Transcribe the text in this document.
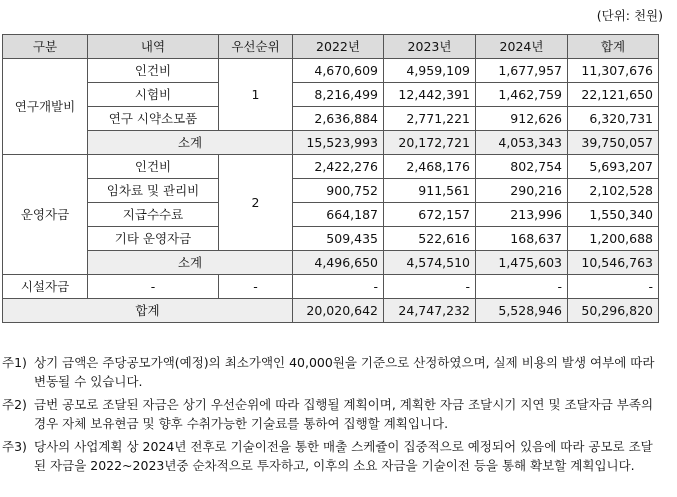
(단위: 천원)
구분	내역	우선순위	2022년	2023년	2024년	합계
연구개발비	인건비	1	4,670,609	4,959,109	1,677,957	11,307,676
	시험비		8,216,499	12,442,391	1,462,759	22,121,650
	연구 시약소모품		2,636,884	2,771,221	912,626	6,320,731
	소계		15,523,993	20,172,721	4,053,343	39,750,057
운영자금	인건비	2	2,422,276	2,468,176	802,754	5,693,207
	임차료 및 관리비		900,752	911,561	290,216	2,102,528
	지급수수료		664,187	672,157	213,996	1,550,340
	기타 운영자금		509,435	522,616	168,637	1,200,688
	소계		4,496,650	4,574,510	1,475,603	10,546,763
시설자금	-	-	-	-	-	-
합계			20,020,642	24,747,232	5,528,946	50,296,820
주1) 상기 금액은 주당공모가액(예정)의 최소가액인 40,000원을 기준으로 산정하였으며, 실제 비용의 발생 여부에 따라 변동될 수 있습니다.
주2) 금번 공모로 조달된 자금은 상기 우선순위에 따라 집행될 계획이며, 계획한 자금 조달시기 지연 및 조달자금 부족의 경우 자체 보유현금 및 향후 수취가능한 기술료를 통하여 집행할 계획입니다.
주3) 당사의 사업계획 상 2024년 전후로 기술이전을 통한 매출 스케쥴이 집중적으로 예정되어 있음에 따라 공모로 조달된 자금을 2022~2023년중 순차적으로 투자하고, 이후의 소요 자금을 기술이전 등을 통해 확보할 계획입니다.
